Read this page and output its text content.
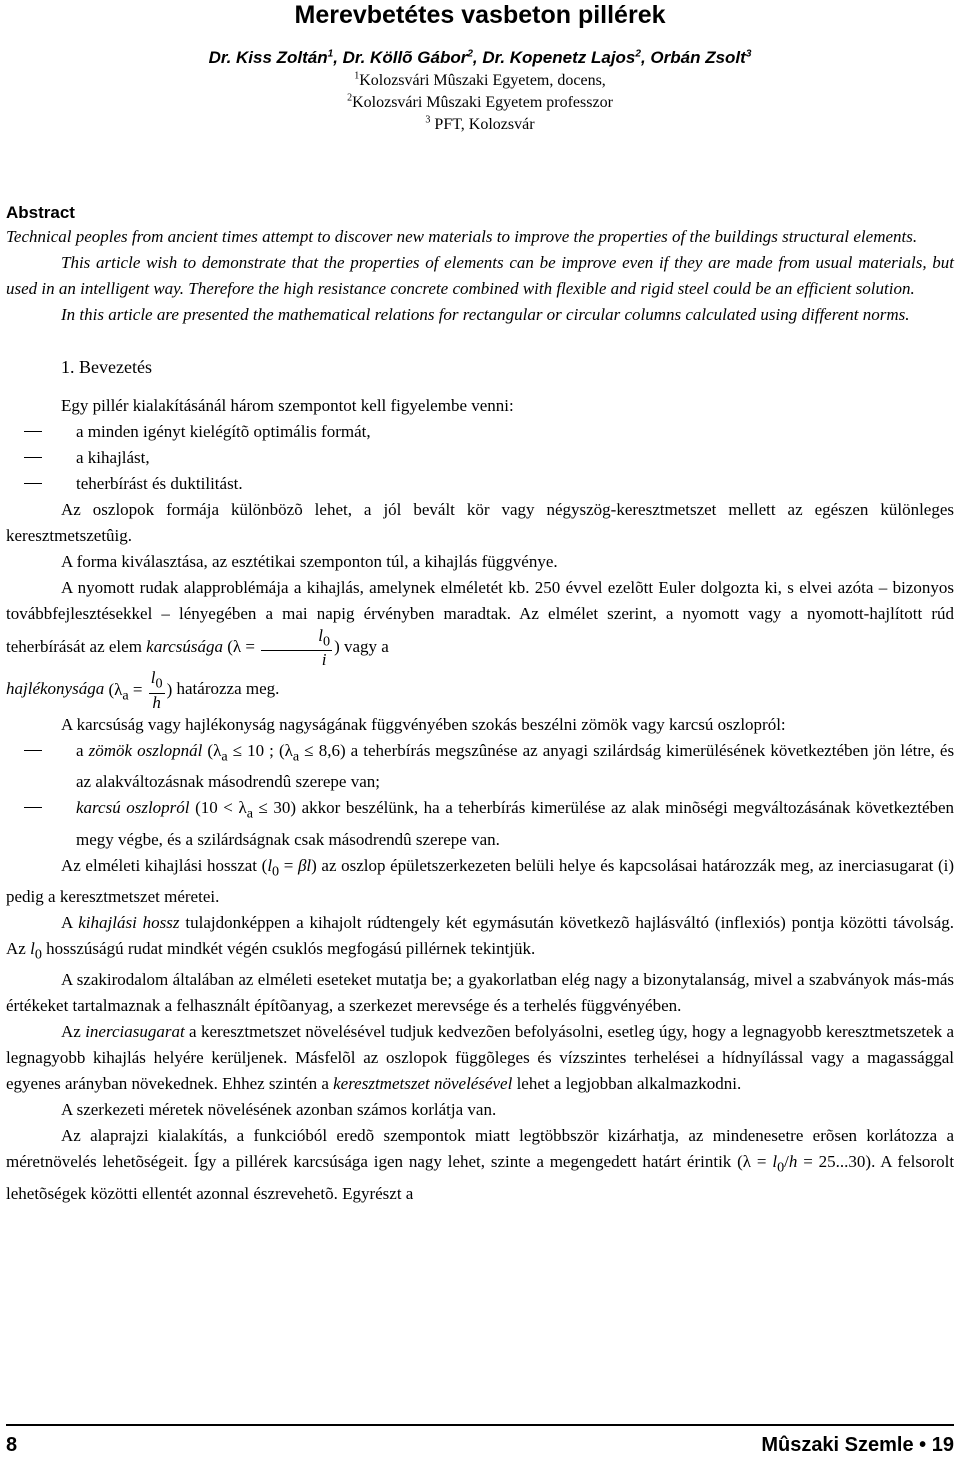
Merevbetétes vasbeton pillérek
Dr. Kiss Zoltán$^1$, Dr. Köllõ Gábor$^2$, Dr. Kopenetz Lajos$^2$, Orbán Zsolt$^3$
$^1$Kolozsvári Mûszaki Egyetem, docens,
$^2$Kolozsvári Mûszaki Egyetem professzor
$^3$ PFT, Kolozsvár
Abstract

Technical peoples from ancient times attempt to discover new materials to improve the properties of the buildings structural elements.

This article wish to demonstrate that the properties of elements can be improve even if they are made from usual materials, but used in an intelligent way. Therefore the high resistance concrete combined with flexible and rigid steel could be an efficient solution.

In this article are presented the mathematical relations for rectangular or circular columns calculated using different norms.

1. Bevezetés

Egy pillér kialakításánál három szempontot kell figyelembe venni:

a minden igényt kielégítõ optimális formát,
a kihajlást,
teherbírást és duktilitást.

Az oszlopok formája különbözõ lehet, a jól bevált kör vagy négyszög-keresztmetszet mellett az egészen különleges keresztmetszetûig.

A forma kiválasztása, az esztétikai szemponton túl, a kihajlás függvénye.

A nyomott rudak alapproblémája a kihajlás, amelynek elméletét kb. 250 évvel ezelõtt Euler dolgozta ki, s elvei azóta – bizonyos továbbfejlesztésekkel – lényegében a mai napig érvényben maradtak. Az elmélet szerint, a nyomott vagy a nyomott-hajlított rúd teherbírását az elem karcsúsága ($\lambda = \frac{l_0}{i}$ ) vagy a

hajlékonysága ($\lambda_a = \frac{l_0}{h}$ ) határozza meg.

A karcsúság vagy hajlékonyság nagyságának függvényében szokás beszélni zömök vagy karcsú oszlopról:

a zömök oszlopnál ($\lambda_a \le 10$ ; $(\lambda_a \le 8,6)$ a teherbírás megszûnése az anyagi szilárdság kimerülésének következtében jön létre, és az alakváltozásnak másodrendû szerepe van;
karcsú oszlopról $(10 < \lambda_a \le 30)$ akkor beszélünk, ha a teherbírás kimerülése az alak minõségi megváltozásának következtében megy végbe, és a szilárdságnak csak másodrendû szerepe van.

Az elméleti kihajlási hosszat $(l_0 = \beta l)$ az oszlop épületszerkezeten belüli helye és kapcsolásai határozzák meg, az inerciasugarat (i) pedig a keresztmetszet méretei.

A kihajlási hossz tulajdonképpen a kihajolt rúdtengely két egymásután következõ hajlásváltó (inflexiós) pontja közötti távolság. Az $l_0$ hosszúságú rudat mindkét végén csuklós megfogású pillérnek tekintjük.

A szakirodalom általában az elméleti eseteket mutatja be; a gyakorlatban elég nagy a bizonytalanság, mivel a szabványok más-más értékeket tartalmaznak a felhasznált építõanyag, a szerkezet merevsége és a terhelés függvényében.

Az inerciasugarat a keresztmetszet növelésével tudjuk kedvezõen befolyásolni, esetleg úgy, hogy a legnagyobb keresztmetszetek a legnagyobb kihajlás helyére kerüljenek. Másfelõl az oszlopok függõleges és vízszintes terhelései a hídnyílással vagy a magassággal egyenes arányban növekednek. Ehhez szintén a keresztmetszet növelésével lehet a legjobban alkalmazkodni.

A szerkezeti méretek növelésének azonban számos korlátja van.

Az alaprajzi kialakítás, a funkcióból eredõ szempontok miatt legtöbbször kizárhatja, az mindenesetre erõsen korlátozza a méretnövelés lehetõségeit. Így a pillérek karcsúsága igen nagy lehet, szinte a megengedett határt érintik $(\lambda = l_0/h = 25...30)$. A felsorolt lehetõségek közötti ellentét azonnal észrevehetõ. Egyrészt a

8	Mûszaki Szemle • 19
